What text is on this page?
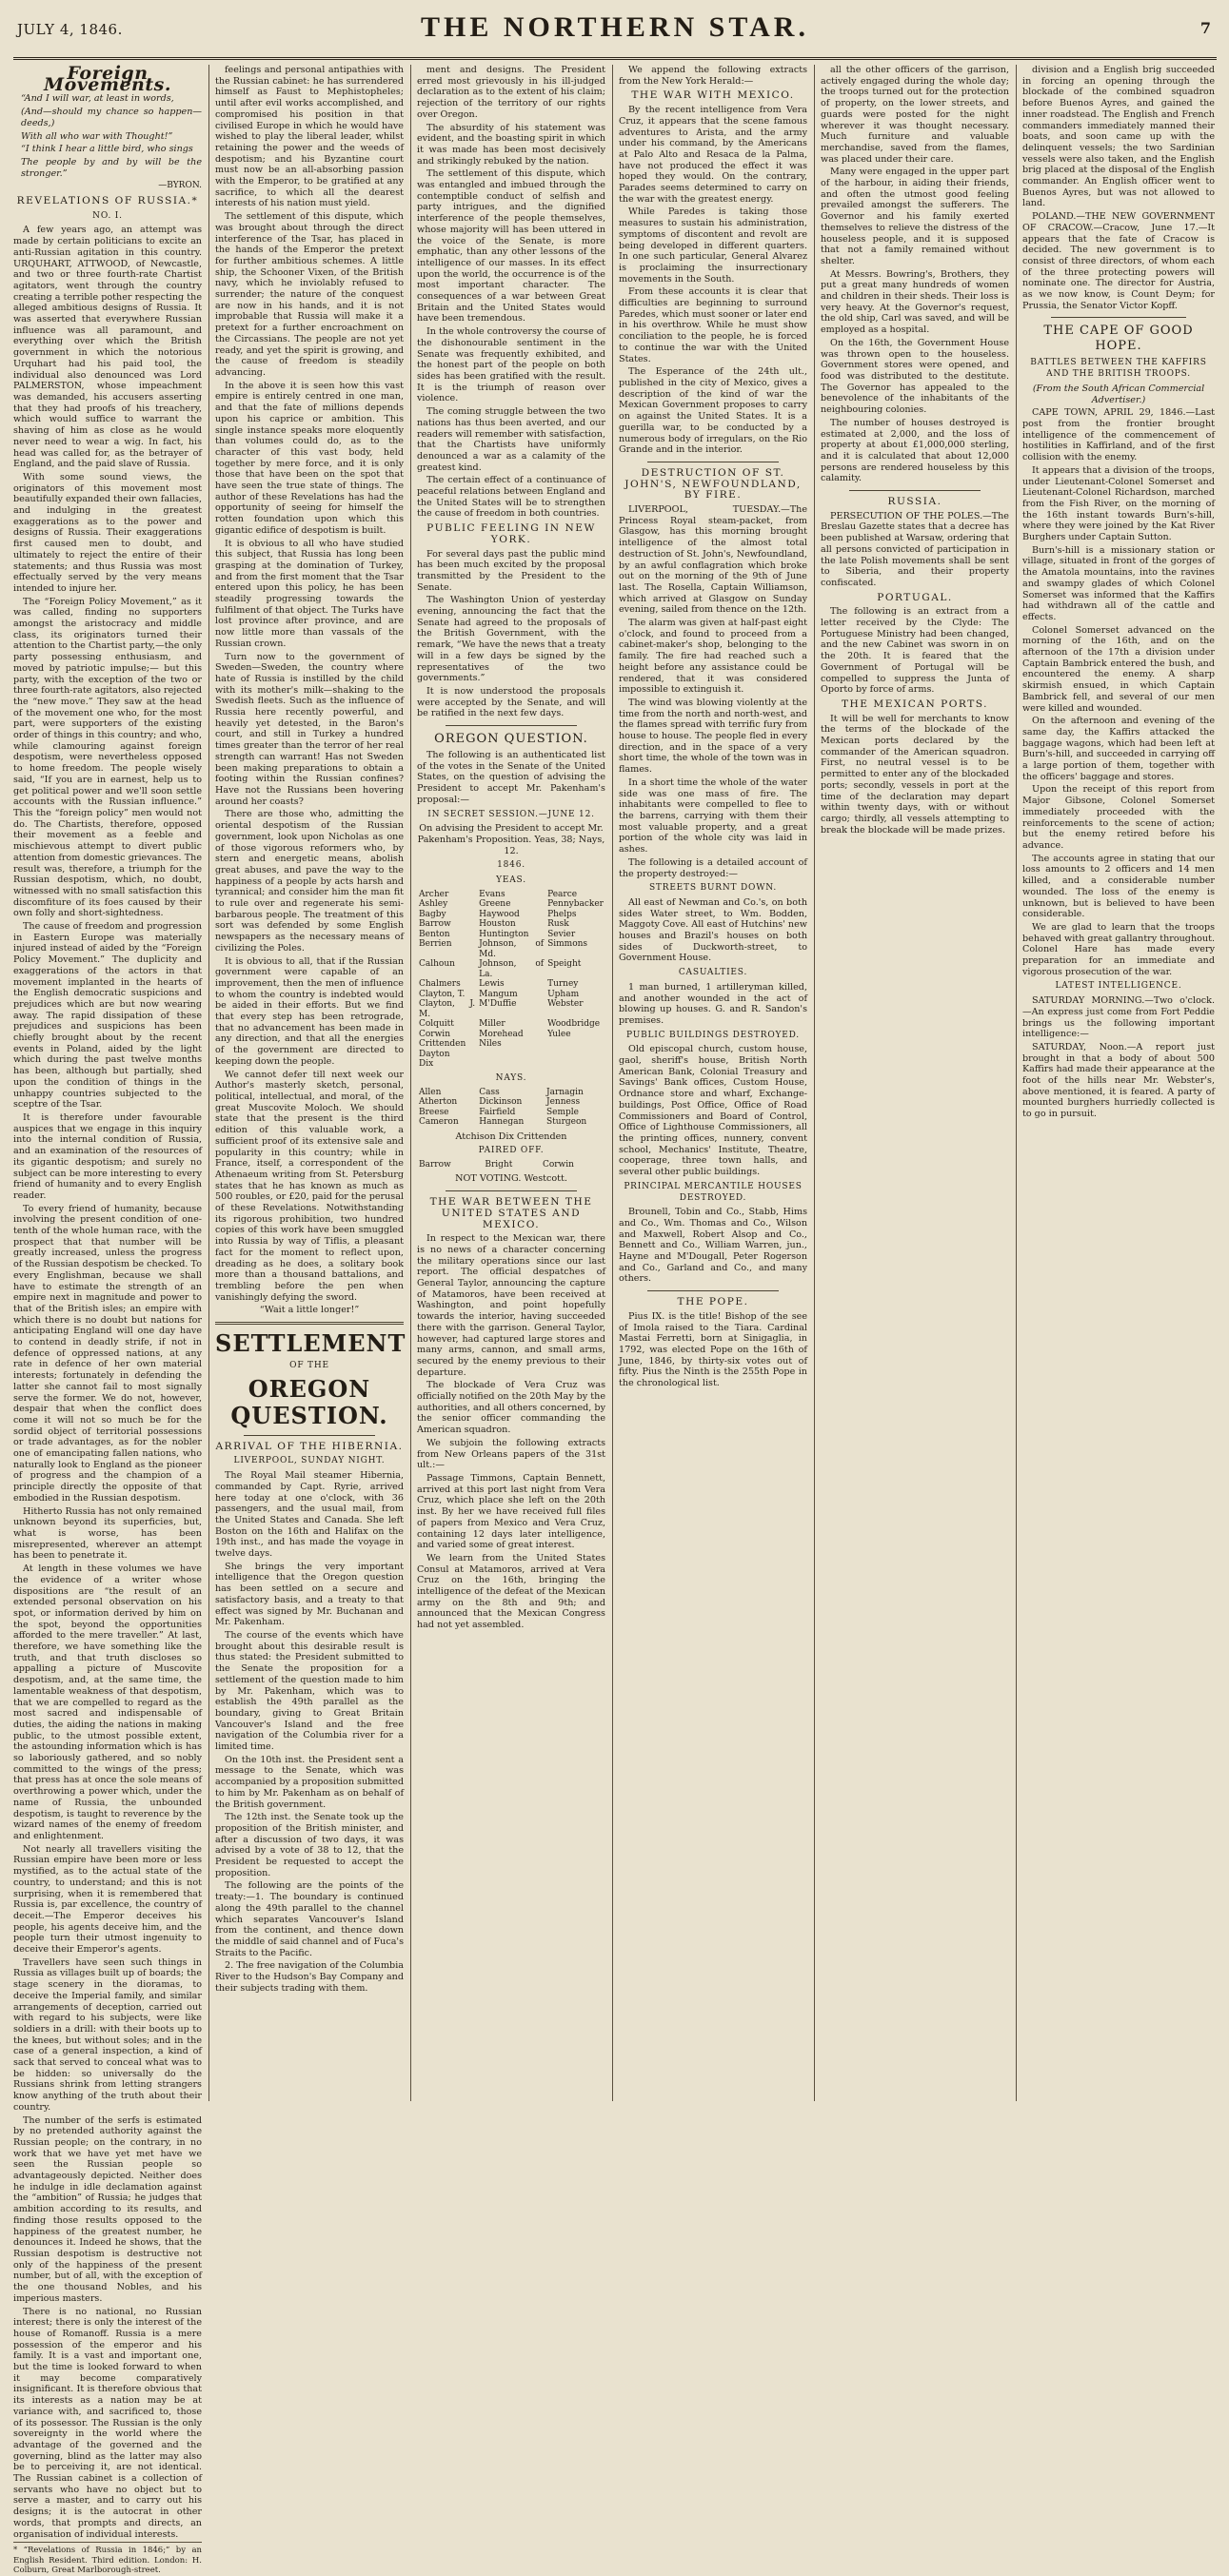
JULY 4, 1846.	THE NORTHERN STAR.	7

Foreign Movements.

“And I will war, at least in words,

(And—should my chance so happen—deeds,)

With all who war with Thought!”

“I think I hear a little bird, who sings

The people by and by will be the stronger.”

—BYRON.

REVELATIONS OF RUSSIA.*

NO. I.

A few years ago, an attempt was made by certain politicians to excite an anti-Russian agitation in this country. URQUHART, ATTWOOD, of Newcastle, and two or three fourth-rate Chartist agitators, went through the country creating a terrible pother respecting the alleged ambitious designs of Russia. It was asserted that everywhere Russian influence was all paramount, and everything over which the British government in which the notorious Urquhart had his paid tool, the individual also denounced was Lord PALMERSTON, whose impeachment was demanded, his accusers asserting that they had proofs of his treachery, which would suffice to warrant the shaving of him as close as he would never need to wear a wig. In fact, his head was called for, as the betrayer of England, and the paid slave of Russia.

With some sound views, the originators of this movement most beautifully expanded their own fallacies, and indulging in the greatest exaggerations as to the power and designs of Russia. Their exaggerations first caused men to doubt, and ultimately to reject the entire of their statements; and thus Russia was most effectually served by the very means intended to injure her.

The “Foreign Policy Movement,” as it was called, finding no supporters amongst the aristocracy and middle class, its originators turned their attention to the Chartist party,—the only party possessing enthusiasm, and moved by patriotic impulse;— but this party, with the exception of the two or three fourth-rate agitators, also rejected the “new move.” They saw at the head of the movement one who, for the most part, were supporters of the existing order of things in this country; and who, while clamouring against foreign despotism, were nevertheless opposed to home freedom. The people wisely said, “If you are in earnest, help us to get political power and we'll soon settle accounts with the Russian influence.” This the “foreign policy” men would not do. The Chartists, therefore, opposed their movement as a feeble and mischievous attempt to divert public attention from domestic grievances. The result was, therefore, a triumph for the Russian despotism, which, no doubt, witnessed with no small satisfaction this discomfiture of its foes caused by their own folly and short-sightedness.

The cause of freedom and progression in Eastern Europe was materially injured instead of aided by the “Foreign Policy Movement.” The duplicity and exaggerations of the actors in that movement implanted in the hearts of the English democratic suspicions and prejudices which are but now wearing away. The rapid dissipation of these prejudices and suspicions has been chiefly brought about by the recent events in Poland, aided by the light which during the past twelve months has been, although but partially, shed upon the condition of things in the unhappy countries subjected to the sceptre of the Tsar.

It is therefore under favourable auspices that we engage in this inquiry into the internal condition of Russia, and an examination of the resources of its gigantic despotism; and surely no subject can be more interesting to every friend of humanity and to every English reader.

To every friend of humanity, because involving the present condition of one-tenth of the whole human race, with the prospect that that number will be greatly increased, unless the progress of the Russian despotism be checked. To every Englishman, because we shall have to estimate the strength of an empire next in magnitude and power to that of the British isles; an empire with which there is no doubt but nations for anticipating England will one day have to contend in deadly strife, if not in defence of oppressed nations, at any rate in defence of her own material interests; fortunately in defending the latter she cannot fail to most signally serve the former. We do not, however, despair that when the conflict does come it will not so much be for the sordid object of territorial possessions or trade advantages, as for the nobler one of emancipating fallen nations, who naturally look to England as the pioneer of progress and the champion of a principle directly the opposite of that embodied in the Russian despotism.

Hitherto Russia has not only remained unknown beyond its superficies, but, what is worse, has been misrepresented, wherever an attempt has been to penetrate it.

At length in these volumes we have the evidence of a writer whose dispositions are “the result of an extended personal observation on his spot, or information derived by him on the spot, beyond the opportunities afforded to the mere traveller.” At last, therefore, we have something like the truth, and that truth discloses so appalling a picture of Muscovite despotism, and, at the same time, the lamentable weakness of that despotism, that we are compelled to regard as the most sacred and indispensable of duties, the aiding the nations in making public, to the utmost possible extent, the astounding information which is has so laboriously gathered, and so nobly committed to the wings of the press; that press has at once the sole means of overthrowing a power which, under the name of Russia, the unbounded despotism, is taught to reverence by the wizard names of the enemy of freedom and enlightenment.

Not nearly all travellers visiting the Russian empire have been more or less mystified, as to the actual state of the country, to understand; and this is not surprising, when it is remembered that Russia is, par excellence, the country of deceit.—The Emperor deceives his people, his agents deceive him, and the people turn their utmost ingenuity to deceive their Emperor's agents.

Travellers have seen such things in Russia as villages built up of boards; the stage scenery in the dioramas, to deceive the Imperial family, and similar arrangements of deception, carried out with regard to his subjects, were like soldiers in a drill: with their boots up to the knees, but without soles; and in the case of a general inspection, a kind of sack that served to conceal what was to be hidden: so universally do the Russians shrink from letting strangers know anything of the truth about their country.

The number of the serfs is estimated by no pretended authority against the Russian people; on the contrary, in no work that we have yet met have we seen the Russian people so advantageously depicted. Neither does he indulge in idle declamation against the “ambition” of Russia; he judges that ambition according to its results, and finding those results opposed to the happiness of the greatest number, he denounces it. Indeed he shows, that the Russian despotism is destructive not only of the happiness of the present number, but of all, with the exception of the one thousand Nobles, and his imperious masters.

There is no national, no Russian interest; there is only the interest of the house of Romanoff. Russia is a mere possession of the emperor and his family. It is a vast and important one, but the time is looked forward to when it may become comparatively insignificant. It is therefore obvious that its interests as a nation may be at variance with, and sacrificed to, those of its possessor. The Russian is the only sovereignty in the world where the advantage of the governed and the governing, blind as the latter may also be to perceiving it, are not identical. The Russian cabinet is a collection of servants who have no object but to serve a master, and to carry out his designs; it is the autocrat in other words, that prompts and directs, an organisation of individual interests.

* “Revelations of Russia in 1846;” by an English Resident. Third edition. London: H. Colburn, Great Marlborough-street.

feelings and personal antipathies with the Russian cabinet: he has surrendered himself as Faust to Mephistopheles; until after evil works accomplished, and compromised his position in that civilised Europe in which he would have wished to play the liberal leader, whilst retaining the power and the weeds of despotism; and his Byzantine court must now be an all-absorbing passion with the Emperor, to be gratified at any sacrifice, to which all the dearest interests of his nation must yield.

The settlement of this dispute, which was brought about through the direct interference of the Tsar, has placed in the hands of the Emperor the pretext for further ambitious schemes. A little ship, the Schooner Vixen, of the British navy, which he inviolably refused to surrender; the nature of the conquest are now in his hands, and it is not improbable that Russia will make it a pretext for a further encroachment on the Circassians. The people are not yet ready, and yet the spirit is growing, and the cause of freedom is steadily advancing.

In the above it is seen how this vast empire is entirely centred in one man, and that the fate of millions depends upon his caprice or ambition. This single instance speaks more eloquently than volumes could do, as to the character of this vast body, held together by mere force, and it is only those that have been on the spot that have seen the true state of things. The author of these Revelations has had the opportunity of seeing for himself the rotten foundation upon which this gigantic edifice of despotism is built.

It is obvious to all who have studied this subject, that Russia has long been grasping at the domination of Turkey, and from the first moment that the Tsar entered upon this policy, he has been steadily progressing towards the fulfilment of that object. The Turks have lost province after province, and are now little more than vassals of the Russian crown.

Turn now to the government of Sweden—Sweden, the country where hate of Russia is instilled by the child with its mother's milk—shaking to the Swedish fleets. Such as the influence of Russia here recently powerful, and heavily yet detested, in the Baron's court, and still in Turkey a hundred times greater than the terror of her real strength can warrant! Has not Sweden been making preparations to obtain a footing within the Russian confines? Have not the Russians been hovering around her coasts?

There are those who, admitting the oriental despotism of the Russian government, look upon Nicholas as one of those vigorous reformers who, by stern and energetic means, abolish great abuses, and pave the way to the happiness of a people by acts harsh and tyrannical; and consider him the man fit to rule over and regenerate his semi-barbarous people. The treatment of this sort was defended by some English newspapers as the necessary means of civilizing the Poles.

It is obvious to all, that if the Russian government were capable of an improvement, then the men of influence to whom the country is indebted would be aided in their efforts. But we find that every step has been retrograde, that no advancement has been made in any direction, and that all the energies of the government are directed to keeping down the people.

We cannot defer till next week our Author's masterly sketch, personal, political, intellectual, and moral, of the great Muscovite Moloch. We should state that the present is the third edition of this valuable work, a sufficient proof of its extensive sale and popularity in this country; while in France, itself, a correspondent of the Athenaeum writing from St. Petersburg states that he has known as much as 500 roubles, or £20, paid for the perusal of these Revelations. Notwithstanding its rigorous prohibition, two hundred copies of this work have been smuggled into Russia by way of Tiflis, a pleasant fact for the moment to reflect upon, dreading as he does, a solitary book more than a thousand battalions, and trembling before the pen when vanishingly defying the sword.

“Wait a little longer!”

SETTLEMENT

OF THE

OREGON QUESTION.

ARRIVAL OF THE HIBERNIA.

LIVERPOOL, SUNDAY NIGHT.

The Royal Mail steamer Hibernia, commanded by Capt. Ryrie, arrived here today at one o'clock, with 36 passengers, and the usual mail, from the United States and Canada. She left Boston on the 16th and Halifax on the 19th inst., and has made the voyage in twelve days.

She brings the very important intelligence that the Oregon question has been settled on a secure and satisfactory basis, and a treaty to that effect was signed by Mr. Buchanan and Mr. Pakenham.

The course of the events which have brought about this desirable result is thus stated: the President submitted to the Senate the proposition for a settlement of the question made to him by Mr. Pakenham, which was to establish the 49th parallel as the boundary, giving to Great Britain Vancouver's Island and the free navigation of the Columbia river for a limited time.

On the 10th inst. the President sent a message to the Senate, which was accompanied by a proposition submitted to him by Mr. Pakenham as on behalf of the British government.

The 12th inst. the Senate took up the proposition of the British minister, and after a discussion of two days, it was advised by a vote of 38 to 12, that the President be requested to accept the proposition.

The following are the points of the treaty:—1. The boundary is continued along the 49th parallel to the channel which separates Vancouver's Island from the continent, and thence down the middle of said channel and of Fuca's Straits to the Pacific.

2. The free navigation of the Columbia River to the Hudson's Bay Company and their subjects trading with them.

ment and designs. The President erred most grievously in his ill-judged declaration as to the extent of his claim; rejection of the territory of our rights over Oregon.

The absurdity of his statement was evident, and the boasting spirit in which it was made has been most decisively and strikingly rebuked by the nation.

The settlement of this dispute, which was entangled and imbued through the contemptible conduct of selfish and party intrigues, and the dignified interference of the people themselves, whose majority will has been uttered in the voice of the Senate, is more emphatic, than any other lessons of the intelligence of our masses. In its effect upon the world, the occurrence is of the most important character. The consequences of a war between Great Britain and the United States would have been tremendous.

In the whole controversy the course of the dishonourable sentiment in the Senate was frequently exhibited, and the honest part of the people on both sides has been gratified with the result. It is the triumph of reason over violence.

The coming struggle between the two nations has thus been averted, and our readers will remember with satisfaction, that the Chartists have uniformly denounced a war as a calamity of the greatest kind.

The certain effect of a continuance of peaceful relations between England and the United States will be to strengthen the cause of freedom in both countries.

PUBLIC FEELING IN NEW YORK.

For several days past the public mind has been much excited by the proposal transmitted by the President to the Senate.

The Washington Union of yesterday evening, announcing the fact that the Senate had agreed to the proposals of the British Government, with the remark, “We have the news that a treaty will in a few days be signed by the representatives of the two governments.”

It is now understood the proposals were accepted by the Senate, and will be ratified in the next few days.

OREGON QUESTION.

The following is an authenticated list of the votes in the Senate of the United States, on the question of advising the President to accept Mr. Pakenham's proposal:—

IN SECRET SESSION.—JUNE 12.

On advising the President to accept Mr. Pakenham's Proposition. Yeas, 38; Nays, 12.

1846.

YEAS.

Archer	Evans	Pearce
Ashley	Greene	Pennybacker
Bagby	Haywood	Phelps
Barrow	Houston	Rusk
Benton	Huntington	Sevier
Berrien	Johnson, of Md.	Simmons
Calhoun	Johnson, of La.	Speight
Chalmers	Lewis	Turney
Clayton, T.	Mangum	Upham
Clayton, J. M.	M'Duffie	Webster
Colquitt	Miller	Woodbridge
Corwin	Morehead	Yulee
Crittenden	Niles	
Dayton		
Dix		

NAYS.

Allen	Cass	Jarnagin
Atherton	Dickinson	Jenness
Breese	Fairfield	Semple
Cameron	Hannegan	Sturgeon

Atchison Dix Crittenden

PAIRED OFF.

Barrow	Bright	Corwin

NOT VOTING. Westcott.

THE WAR BETWEEN THE UNITED STATES AND MEXICO.

In respect to the Mexican war, there is no news of a character concerning the military operations since our last report. The official despatches of General Taylor, announcing the capture of Matamoros, have been received at Washington, and point hopefully towards the interior, having succeeded there with the garrison. General Taylor, however, had captured large stores and many arms, cannon, and small arms, secured by the enemy previous to their departure.

The blockade of Vera Cruz was officially notified on the 20th May by the authorities, and all others concerned, by the senior officer commanding the American squadron.

We subjoin the following extracts from New Orleans papers of the 31st ult.:—

Passage Timmons, Captain Bennett, arrived at this port last night from Vera Cruz, which place she left on the 20th inst. By her we have received full files of papers from Mexico and Vera Cruz, containing 12 days later intelligence, and varied some of great interest.

We learn from the United States Consul at Matamoros, arrived at Vera Cruz on the 16th, bringing the intelligence of the defeat of the Mexican army on the 8th and 9th; and announced that the Mexican Congress had not yet assembled.

We append the following extracts from the New York Herald:—

THE WAR WITH MEXICO.

By the recent intelligence from Vera Cruz, it appears that the scene famous adventures to Arista, and the army under his command, by the Americans at Palo Alto and Resaca de la Palma, have not produced the effect it was hoped they would. On the contrary, Parades seems determined to carry on the war with the greatest energy.

While Paredes is taking those measures to sustain his administration, symptoms of discontent and revolt are being developed in different quarters. In one such particular, General Alvarez is proclaiming the insurrectionary movements in the South.

From these accounts it is clear that difficulties are beginning to surround Paredes, which must sooner or later end in his overthrow. While he must show conciliation to the people, he is forced to continue the war with the United States.

The Esperance of the 24th ult., published in the city of Mexico, gives a description of the kind of war the Mexican Government proposes to carry on against the United States. It is a guerilla war, to be conducted by a numerous body of irregulars, on the Rio Grande and in the interior.

DESTRUCTION OF ST. JOHN'S, NEWFOUNDLAND, BY FIRE.

LIVERPOOL, TUESDAY.—The Princess Royal steam-packet, from Glasgow, has this morning brought intelligence of the almost total destruction of St. John's, Newfoundland, by an awful conflagration which broke out on the morning of the 9th of June last. The Rosella, Captain Williamson, which arrived at Glasgow on Sunday evening, sailed from thence on the 12th.

The alarm was given at half-past eight o'clock, and found to proceed from a cabinet-maker's shop, belonging to the family. The fire had reached such a height before any assistance could be rendered, that it was considered impossible to extinguish it.

The wind was blowing violently at the time from the north and north-west, and the flames spread with terrific fury from house to house. The people fled in every direction, and in the space of a very short time, the whole of the town was in flames.

In a short time the whole of the water side was one mass of fire. The inhabitants were compelled to flee to the barrens, carrying with them their most valuable property, and a great portion of the whole city was laid in ashes.

The following is a detailed account of the property destroyed:—

STREETS BURNT DOWN.

All east of Newman and Co.'s, on both sides Water street, to Wm. Bodden, Maggoty Cove. All east of Hutchins' new houses and Brazil's houses on both sides of Duckworth-street, to Government House.

CASUALTIES.

1 man burned, 1 artilleryman killed, and another wounded in the act of blowing up houses. G. and R. Sandon's premises.

PUBLIC BUILDINGS DESTROYED.

Old episcopal church, custom house, gaol, sheriff's house, British North American Bank, Colonial Treasury and Savings' Bank offices, Custom House, Ordnance store and wharf, Exchange-buildings, Post Office, Office of Road Commissioners and Board of Control, Office of Lighthouse Commissioners, all the printing offices, nunnery, convent school, Mechanics' Institute, Theatre, cooperage, three town halls, and several other public buildings.

PRINCIPAL MERCANTILE HOUSES DESTROYED.

Brounell, Tobin and Co., Stabb, Hims and Co., Wm. Thomas and Co., Wilson and Maxwell, Robert Alsop and Co., Bennett and Co., William Warren, jun., Hayne and M'Dougall, Peter Rogerson and Co., Garland and Co., and many others.

THE POPE.

Pius IX. is the title! Bishop of the see of Imola raised to the Tiara. Cardinal Mastai Ferretti, born at Sinigaglia, in 1792, was elected Pope on the 16th of June, 1846, by thirty-six votes out of fifty. Pius the Ninth is the 255th Pope in the chronological list.

all the other officers of the garrison, actively engaged during the whole day; the troops turned out for the protection of property, on the lower streets, and guards were posted for the night wherever it was thought necessary. Much furniture and valuable merchandise, saved from the flames, was placed under their care.

Many were engaged in the upper part of the harbour, in aiding their friends, and often the utmost good feeling prevailed amongst the sufferers. The Governor and his family exerted themselves to relieve the distress of the houseless people, and it is supposed that not a family remained without shelter.

At Messrs. Bowring's, Brothers, they put a great many hundreds of women and children in their sheds. Their loss is very heavy. At the Governor's request, the old ship, Carl was saved, and will be employed as a hospital.

On the 16th, the Government House was thrown open to the houseless. Government stores were opened, and food was distributed to the destitute. The Governor has appealed to the benevolence of the inhabitants of the neighbouring colonies.

The number of houses destroyed is estimated at 2,000, and the loss of property at about £1,000,000 sterling, and it is calculated that about 12,000 persons are rendered houseless by this calamity.

RUSSIA.

PERSECUTION OF THE POLES.—The Breslau Gazette states that a decree has been published at Warsaw, ordering that all persons convicted of participation in the late Polish movements shall be sent to Siberia, and their property confiscated.

PORTUGAL.

The following is an extract from a letter received by the Clyde: The Portuguese Ministry had been changed, and the new Cabinet was sworn in on the 20th. It is feared that the Government of Portugal will be compelled to suppress the Junta of Oporto by force of arms.

THE MEXICAN PORTS.

It will be well for merchants to know the terms of the blockade of the Mexican ports declared by the commander of the American squadron. First, no neutral vessel is to be permitted to enter any of the blockaded ports; secondly, vessels in port at the time of the declaration may depart within twenty days, with or without cargo; thirdly, all vessels attempting to break the blockade will be made prizes.

division and a English brig succeeded in forcing an opening through the blockade of the combined squadron before Buenos Ayres, and gained the inner roadstead. The English and French commanders immediately manned their boats, and soon came up with the delinquent vessels; the two Sardinian vessels were also taken, and the English brig placed at the disposal of the English commander. An English officer went to Buenos Ayres, but was not allowed to land.

POLAND.—THE NEW GOVERNMENT OF CRACOW.—Cracow, June 17.—It appears that the fate of Cracow is decided. The new government is to consist of three directors, of whom each of the three protecting powers will nominate one. The director for Austria, as we now know, is Count Deym; for Prussia, the Senator Victor Kopff.

THE CAPE OF GOOD HOPE.

BATTLES BETWEEN THE KAFFIRS AND THE BRITISH TROOPS.

(From the South African Commercial Advertiser.)

CAPE TOWN, APRIL 29, 1846.—Last post from the frontier brought intelligence of the commencement of hostilities in Kaffirland, and of the first collision with the enemy.

It appears that a division of the troops, under Lieutenant-Colonel Somerset and Lieutenant-Colonel Richardson, marched from the Fish River, on the morning of the 16th instant towards Burn's-hill, where they were joined by the Kat River Burghers under Captain Sutton.

Burn's-hill is a missionary station or village, situated in front of the gorges of the Amatola mountains, into the ravines and swampy glades of which Colonel Somerset was informed that the Kaffirs had withdrawn all of the cattle and effects.

Colonel Somerset advanced on the morning of the 16th, and on the afternoon of the 17th a division under Captain Bambrick entered the bush, and encountered the enemy. A sharp skirmish ensued, in which Captain Bambrick fell, and several of our men were killed and wounded.

On the afternoon and evening of the same day, the Kaffirs attacked the baggage wagons, which had been left at Burn's-hill, and succeeded in carrying off a large portion of them, together with the officers' baggage and stores.

Upon the receipt of this report from Major Gibsone, Colonel Somerset immediately proceeded with the reinforcements to the scene of action; but the enemy retired before his advance.

The accounts agree in stating that our loss amounts to 2 officers and 14 men killed, and a considerable number wounded. The loss of the enemy is unknown, but is believed to have been considerable.

We are glad to learn that the troops behaved with great gallantry throughout. Colonel Hare has made every preparation for an immediate and vigorous prosecution of the war.

LATEST INTELLIGENCE.

SATURDAY MORNING.—Two o'clock.—An express just come from Fort Peddie brings us the following important intelligence:—

SATURDAY, Noon.—A report just brought in that a body of about 500 Kaffirs had made their appearance at the foot of the hills near Mr. Webster's, above mentioned, it is feared. A party of mounted burghers hurriedly collected is to go in pursuit.
